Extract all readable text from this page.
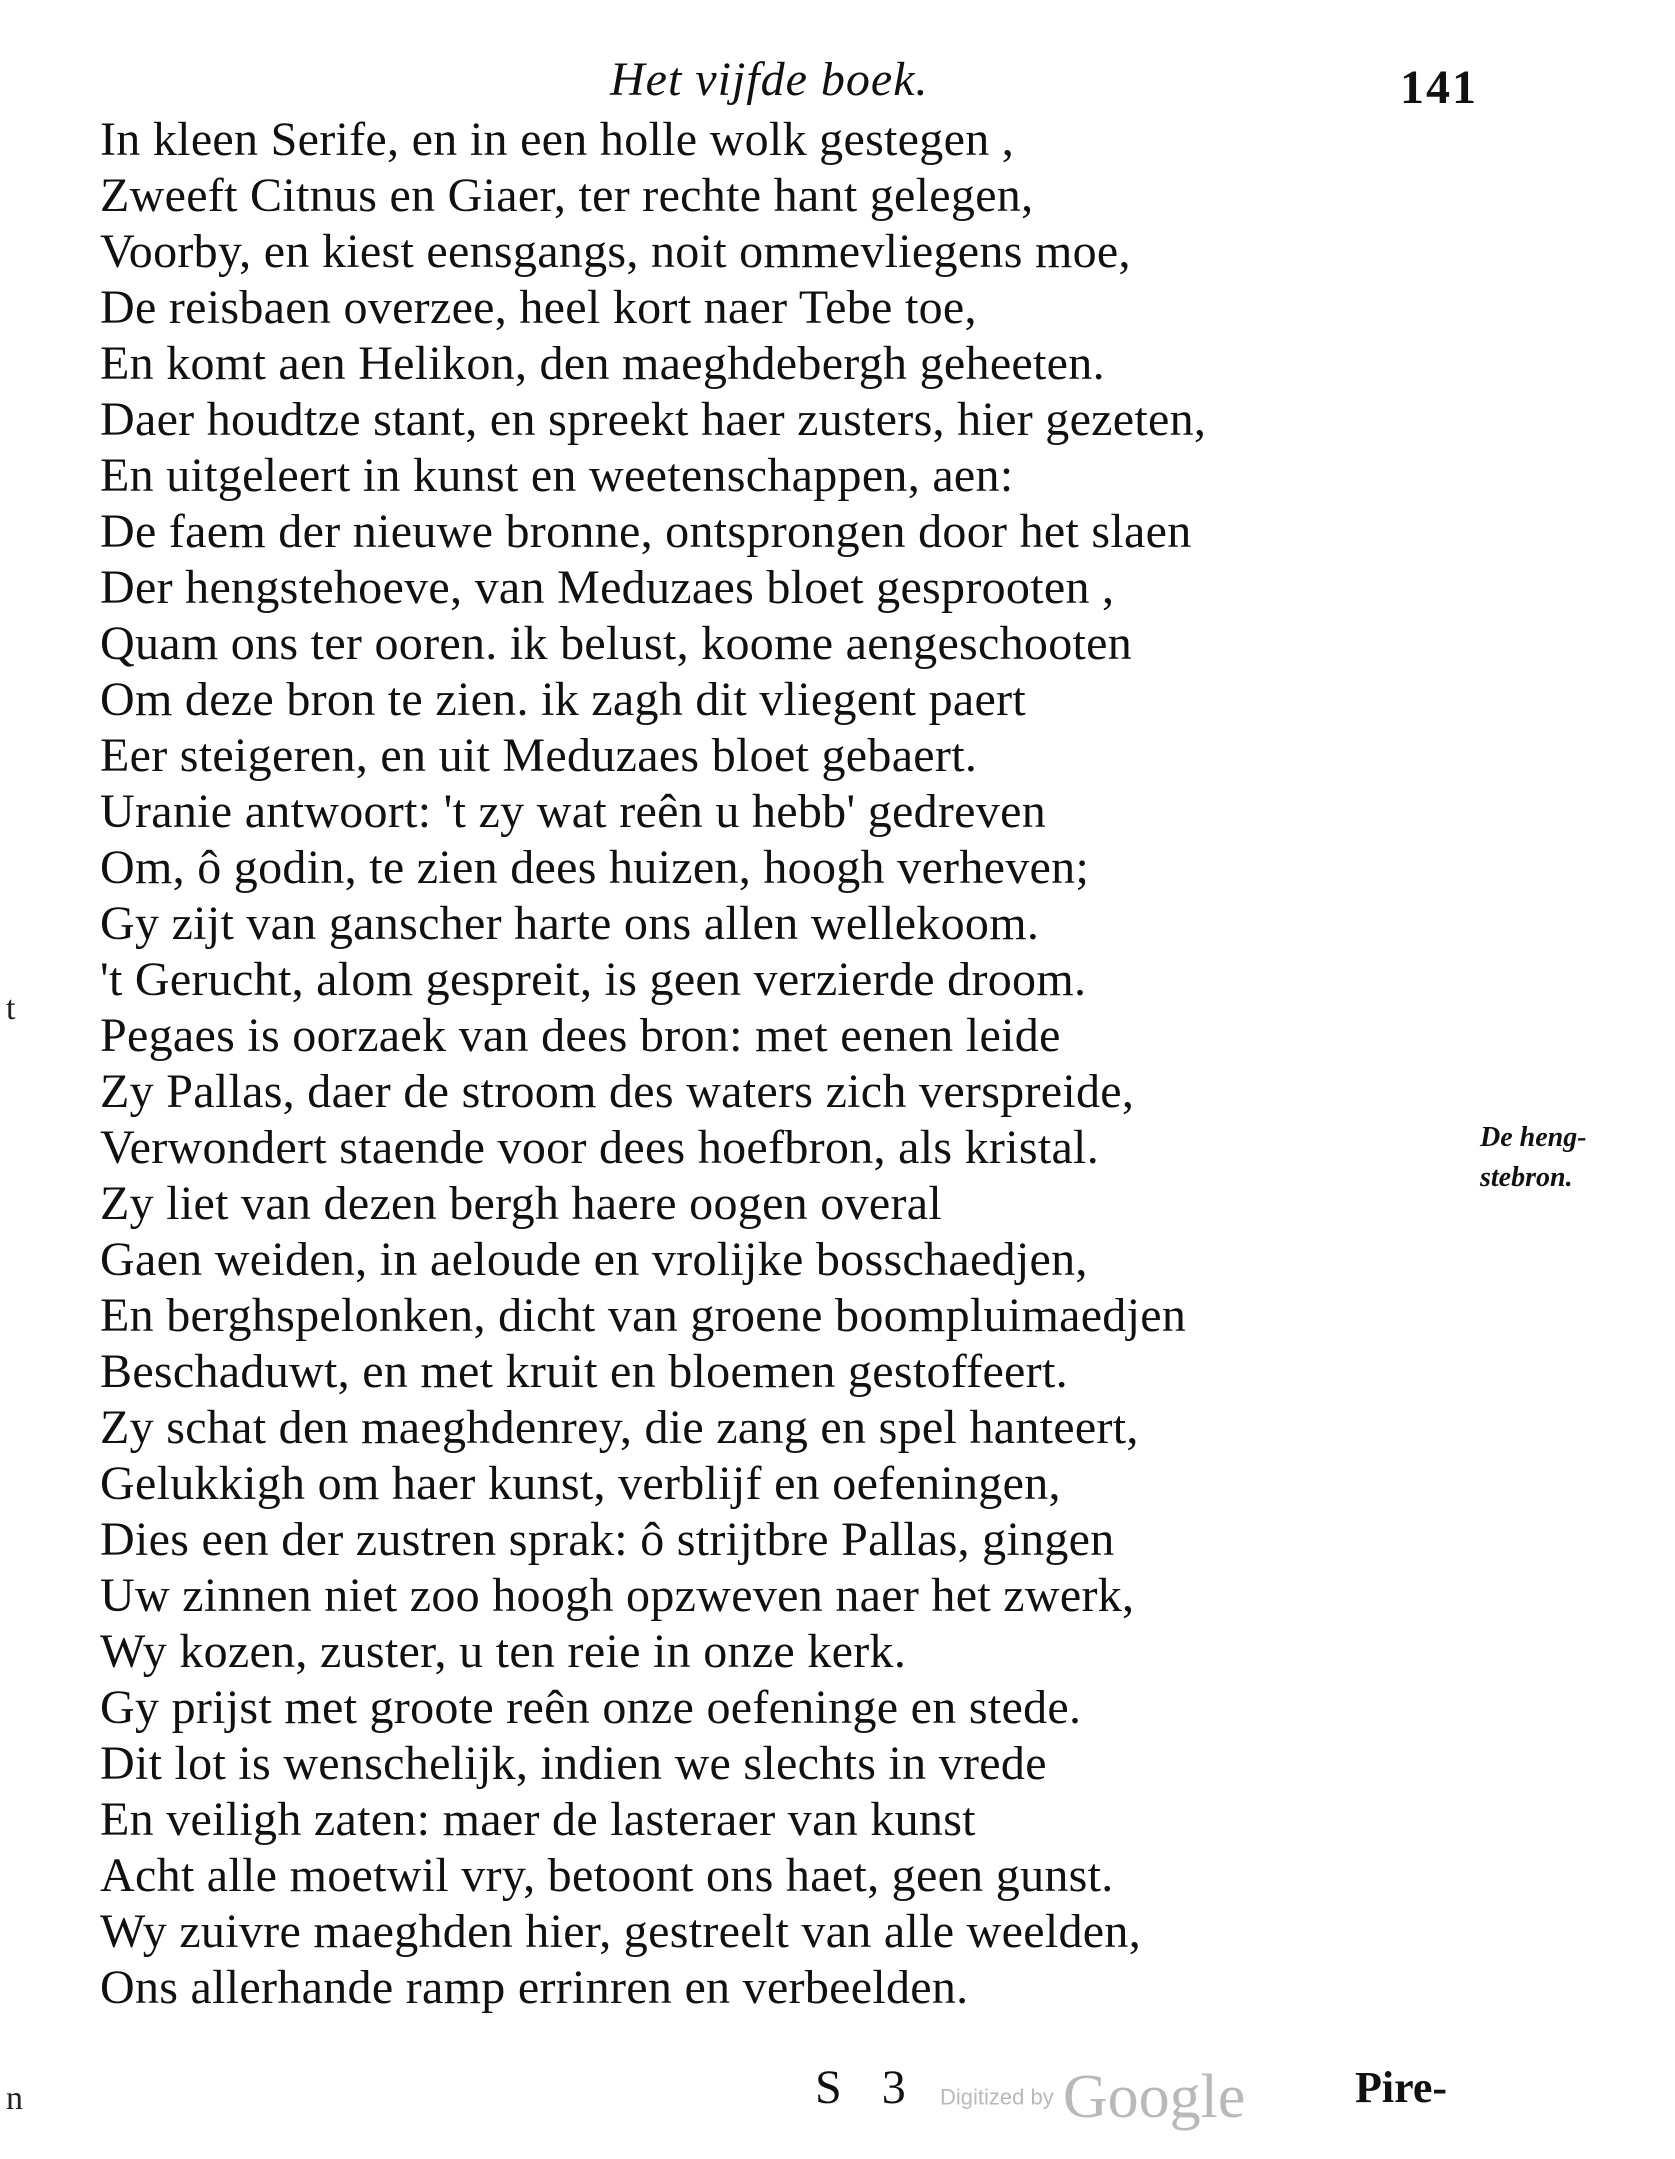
Het vijfde boek.	141
In kleen Serife, en in een holle wolk gestegen ,
Zweeft Citnus en Giaer, ter rechte hant gelegen,
Voorby, en kiest eensgangs, noit ommevliegens moe,
De reisbaen overzee, heel kort naer Tebe toe,
En komt aen Helikon, den maeghdebergh geheeten.
Daer houdtze stant, en spreekt haer zusters, hier gezeten,
En uitgeleert in kunst en weetenschappen, aen:
De faem der nieuwe bronne, ontsprongen door het slaen
Der hengstehoeve, van Meduzaes bloet gesprooten ,
Quam ons ter ooren. ik belust, koome aengeschooten
Om deze bron te zien. ik zagh dit vliegent paert
Eer steigeren, en uit Meduzaes bloet gebaert.
Uranie antwoort: 't zy wat reên u hebb' gedreven
Om, ô godin, te zien dees huizen, hoogh verheven;
Gy zijt van ganscher harte ons allen wellekoom.
't Gerucht, alom gespreit, is geen verzierde droom.
Pegaes is oorzaek van dees bron: met eenen leide
Zy Pallas, daer de stroom des waters zich verspreide,
Verwondert staende voor dees hoefbron, als kristal.
Zy liet van dezen bergh haere oogen overal
Gaen weiden, in aeloude en vrolijke bosschaedjen,
En berghspelonken, dicht van groene boompluimaedjen
Beschaduwt, en met kruit en bloemen gestoffeert.
Zy schat den maeghdenrey, die zang en spel hanteert,
Gelukkigh om haer kunst, verblijf en oefeningen,
Dies een der zustren sprak: ô strijtbre Pallas, gingen
Uw zinnen niet zoo hoogh opzweven naer het zwerk,
Wy kozen, zuster, u ten reie in onze kerk.
Gy prijst met groote reên onze oefeninge en stede.
Dit lot is wenschelijk, indien we slechts in vrede
En veiligh zaten: maer de lasteraer van kunst
Acht alle moetwil vry, betoont ons haet, geen gunst.
Wy zuivre maeghden hier, gestreelt van alle weelden,
Ons allerhande ramp errinren en verbeelden.
De heng-
stebron.
t
n	S 3 Digitized by Google Pire-
